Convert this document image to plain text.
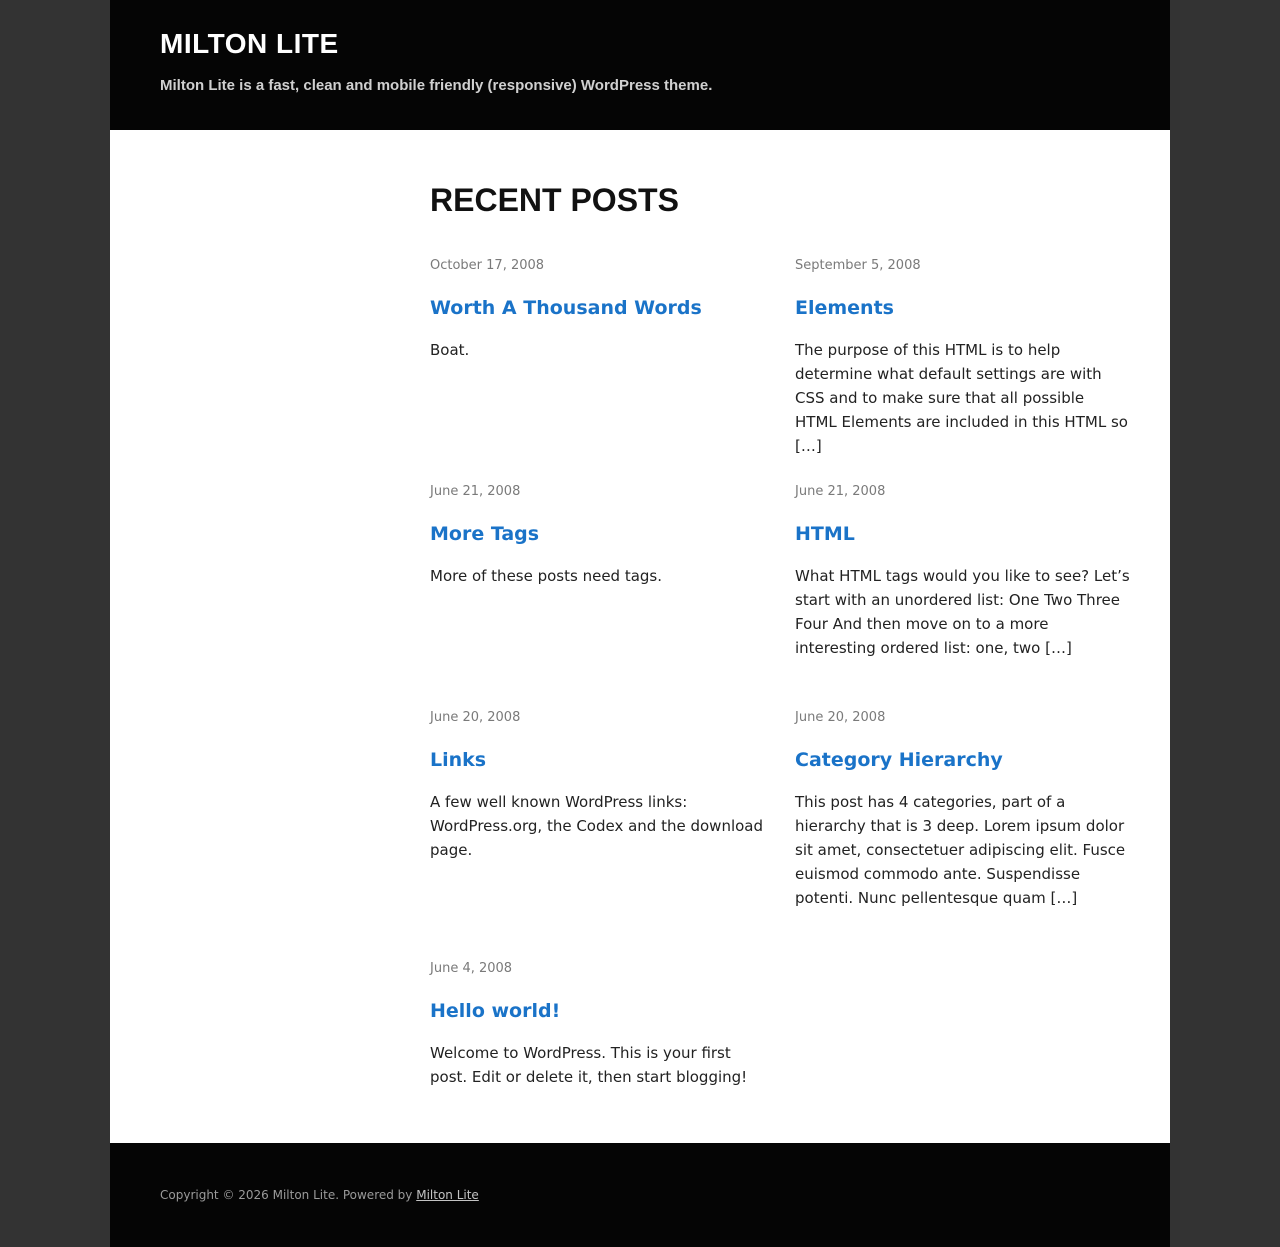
MILTON LITE

Milton Lite is a fast, clean and mobile friendly (responsive) WordPress theme.

RECENT POSTS
October 17, 2008
Worth A Thousand Words

Boat.

September 5, 2008
Elements

The purpose of this HTML is to help determine what default settings are with CSS and to make sure that all possible HTML Elements are included in this HTML so […]

June 21, 2008
More Tags

More of these posts need tags.

June 21, 2008
HTML

What HTML tags would you like to see? Let’s start with an unordered list: One Two Three Four And then move on to a more interesting ordered list: one, two […]

June 20, 2008
Links

A few well known WordPress links: WordPress.org, the Codex and the download page.

June 20, 2008
Category Hierarchy

This post has 4 categories, part of a hierarchy that is 3 deep. Lorem ipsum dolor sit amet, consectetuer adipiscing elit. Fusce euismod commodo ante. Suspendisse potenti. Nunc pellentesque quam […]

June 4, 2008
Hello world!

Welcome to WordPress. This is your first post. Edit or delete it, then start blogging!

Copyright © 2026 Milton Lite. Powered by Milton Lite
